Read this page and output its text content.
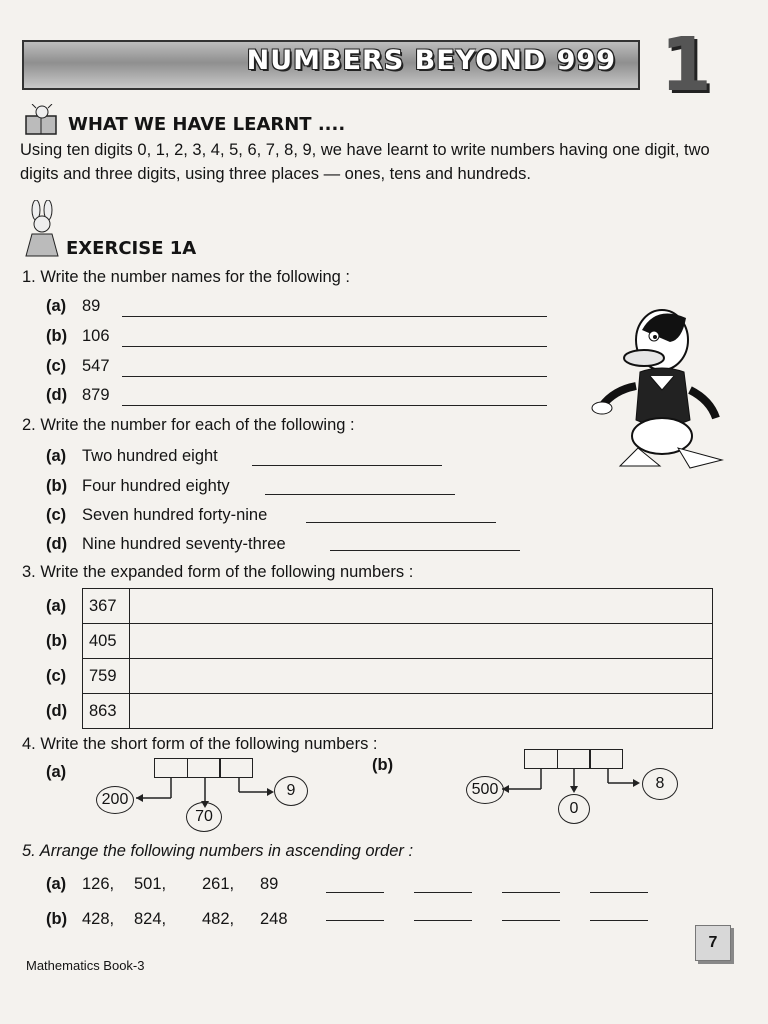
NUMBERS BEYOND 999 1
WHAT WE HAVE LEARNT ....
Using ten digits 0, 1, 2, 3, 4, 5, 6, 7, 8, 9, we have learnt to write numbers having one digit, two digits and three digits, using three places — ones, tens and hundreds.
EXERCISE 1A
1. Write the number names for the following :
(a) 89
(b) 106
(c) 547
(d) 879
2. Write the number for each of the following :
(a) Two hundred eight
(b) Four hundred eighty
(c) Seven hundred forty-nine
(d) Nine hundred seventy-three
3. Write the expanded form of the following numbers :
(a)	367	
(b)	405	
(c)	759	
(d)	863	
4. Write the short form of the following numbers :
(a)
200
70
9
(b)
500
0
8
5. Arrange the following numbers in ascending order :
(a) 126, 501, 261, 89
(b) 428, 824, 482, 248
Mathematics Book-3
7
